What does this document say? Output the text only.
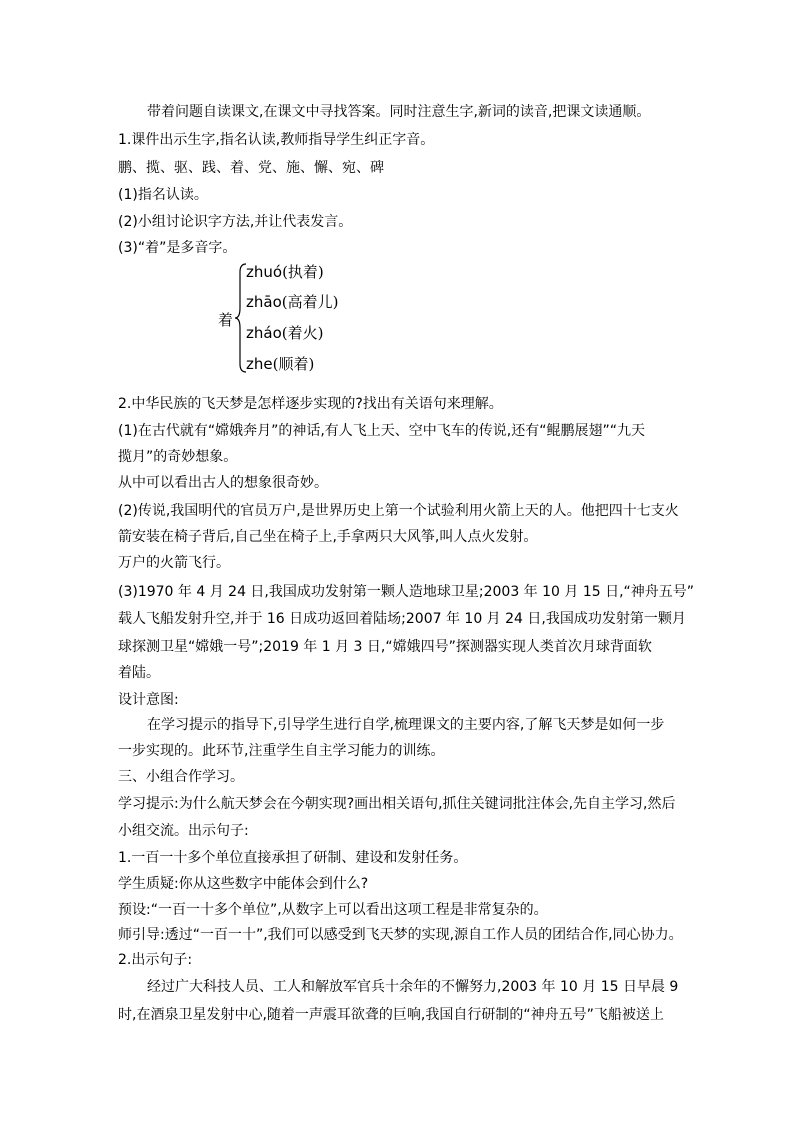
带着问题自读课文,在课文中寻找答案。同时注意生字,新词的读音,把课文读通顺。
1.课件出示生字,指名认读,教师指导学生纠正字音。
鹏、揽、驱、践、着、党、施、懈、宛、碑
(1)指名认读。
(2)小组讨论识字方法,并让代表发言。
(3)“着”是多音字。
着
zhuó(执着)
zhāo(高着儿)
zháo(着火)
zhe(顺着)
2.中华民族的飞天梦是怎样逐步实现的?找出有关语句来理解。
(1)在古代就有“嫦娥奔月”的神话,有人飞上天、空中飞车的传说,还有“鲲鹏展翅”“九天
揽月”的奇妙想象。
从中可以看出古人的想象很奇妙。
(2)传说,我国明代的官员万户,是世界历史上第一个试验利用火箭上天的人。他把四十七支火
箭安装在椅子背后,自己坐在椅子上,手拿两只大风筝,叫人点火发射。
万户的火箭飞行。
(3)1970 年 4 月 24 日,我国成功发射第一颗人造地球卫星;2003 年 10 月 15 日,“神舟五号”
载人飞船发射升空,并于 16 日成功返回着陆场;2007 年 10 月 24 日,我国成功发射第一颗月
球探测卫星“嫦娥一号”;2019 年 1 月 3 日,“嫦娥四号”探测器实现人类首次月球背面软
着陆。
设计意图:
在学习提示的指导下,引导学生进行自学,梳理课文的主要内容,了解飞天梦是如何一步
一步实现的。此环节,注重学生自主学习能力的训练。
三、小组合作学习。
学习提示:为什么航天梦会在今朝实现?画出相关语句,抓住关键词批注体会,先自主学习,然后
小组交流。出示句子:
1.一百一十多个单位直接承担了研制、建设和发射任务。
学生质疑:你从这些数字中能体会到什么?
预设:“一百一十多个单位”,从数字上可以看出这项工程是非常复杂的。
师引导:透过“一百一十”,我们可以感受到飞天梦的实现,源自工作人员的团结合作,同心协力。
2.出示句子:
经过广大科技人员、工人和解放军官兵十余年的不懈努力,2003 年 10 月 15 日早晨 9
时,在酒泉卫星发射中心,随着一声震耳欲聋的巨响,我国自行研制的“神舟五号”飞船被送上
